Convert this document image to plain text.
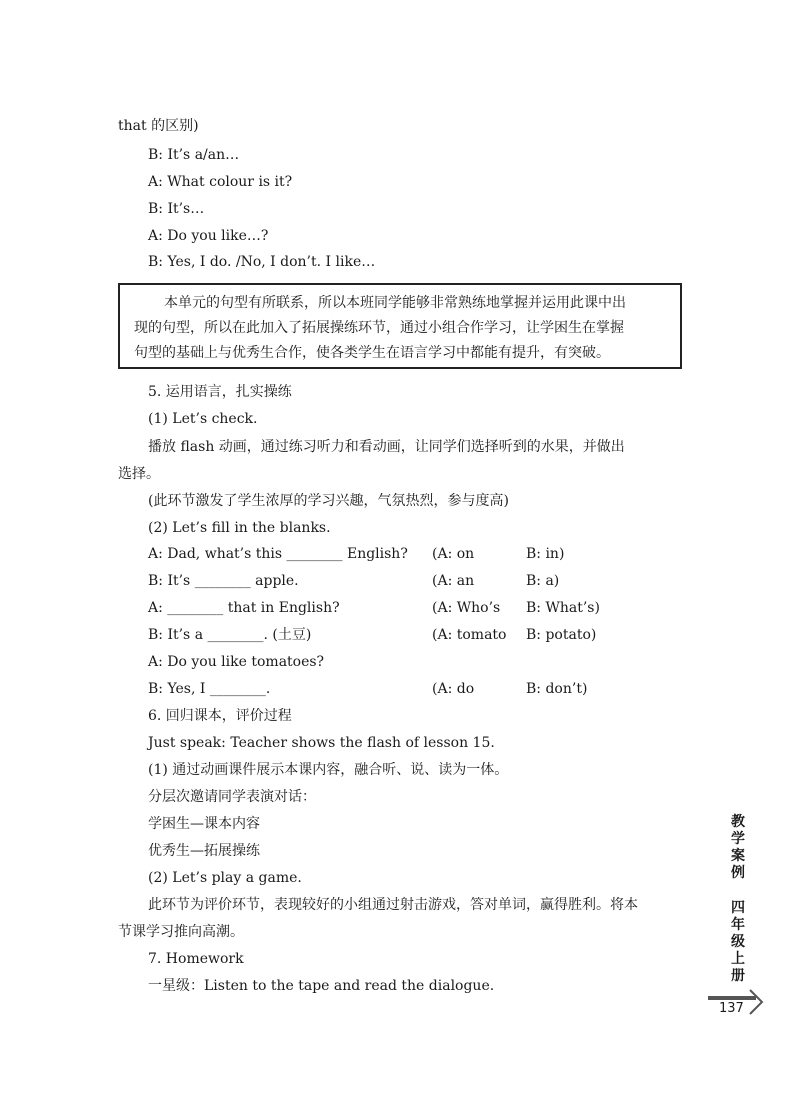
that 的区别)
B: It’s a/an…
A: What colour is it?
B: It’s…
A: Do you like…?
B: Yes, I do. /No, I don’t. I like…

本单元的句型有所联系，所以本班同学能够非常熟练地掌握并运用此课中出

现的句型，所以在此加入了拓展操练环节，通过小组合作学习，让学困生在掌握

句型的基础上与优秀生合作，使各类学生在语言学习中都能有提升，有突破。

5. 运用语言，扎实操练
(1) Let’s check.
播放 flash 动画，通过练习听力和看动画，让同学们选择听到的水果，并做出
选择。
(此环节激发了学生浓厚的学习兴趣，气氛热烈，参与度高)
(2) Let’s fill in the blanks.
A: Dad, what’s this ________ English? (A: on	B: in)
B: It’s ________ apple.	(A: an	B: a)
A: ________ that in English?	(A: Who’s B: What’s)
B: It’s a ________. (土豆)	(A: tomato B: potato)
A: Do you like tomatoes?
B: Yes, I ________.	(A: do	B: don’t)
6. 回归课本，评价过程
Just speak: Teacher shows the flash of lesson 15.
(1) 通过动画课件展示本课内容，融合听、说、读为一体。
分层次邀请同学表演对话：
学困生—课本内容
优秀生—拓展操练
(2) Let’s play a game.
此环节为评价环节，表现较好的小组通过射击游戏，答对单词，赢得胜利。将本
节课学习推向高潮。
7. Homework
一星级：Listen to the tape and read the dialogue.
教
学
案
例
四
年
级
上
册
137
